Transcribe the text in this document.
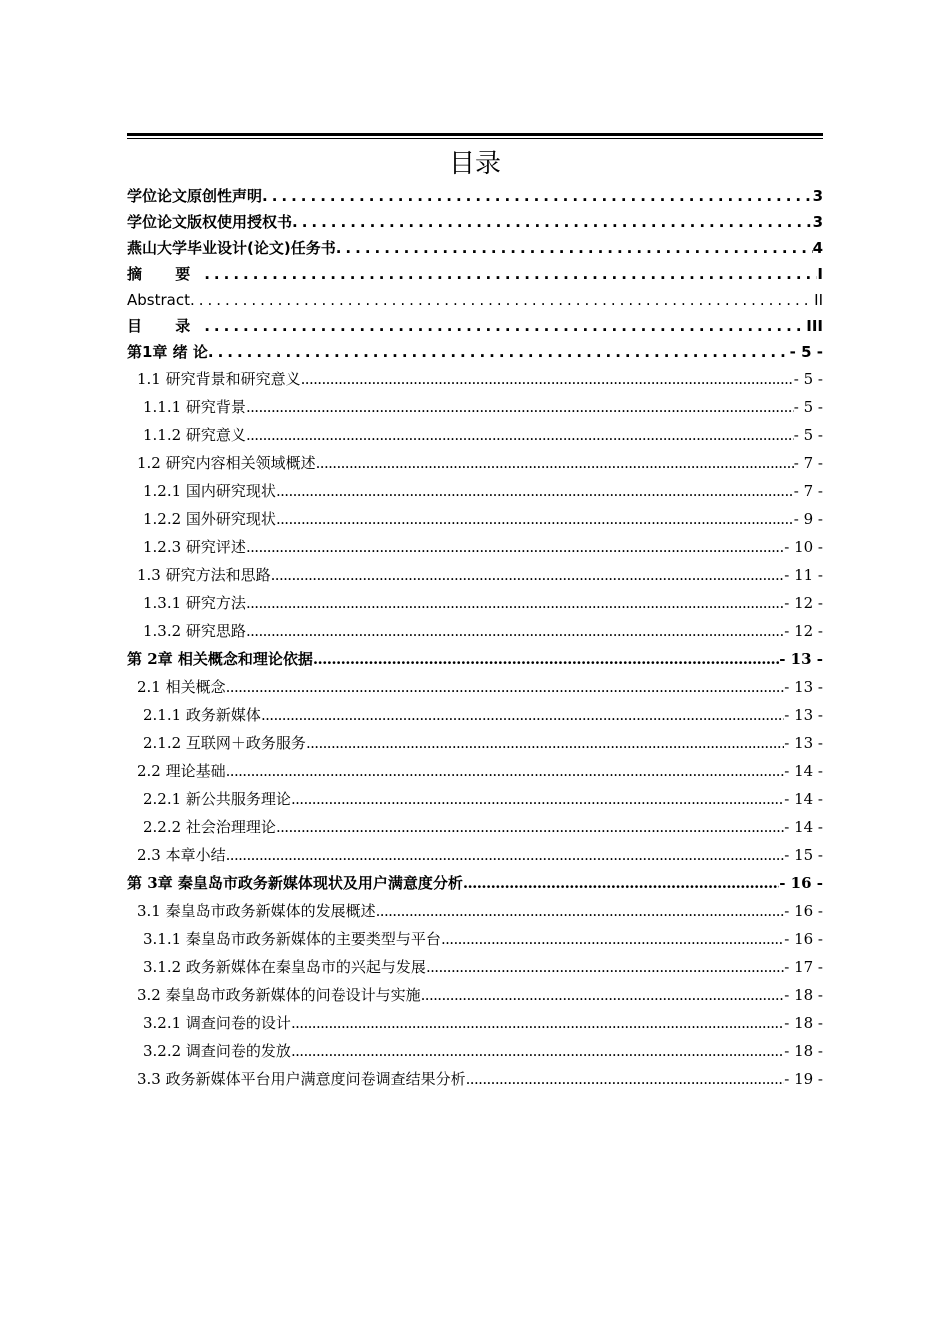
目录
学位论文原创性声明 .....	3
学位论文版权使用授权书 .....	3
燕山大学毕业设计(论文)任务书 .....	4
摘 要 .....	I
Abstract .....	II
目 录 .....	III
第1章 绪 论 .....	- 5 -
1.1 研究背景和研究意义 .....	- 5 -
1.1.1 研究背景 .....	- 5 -
1.1.2 研究意义 .....	- 5 -
1.2 研究内容相关领域概述 .....	- 7 -
1.2.1 国内研究现状 .....	- 7 -
1.2.2 国外研究现状 .....	- 9 -
1.2.3 研究评述 .....	- 10 -
1.3 研究方法和思路 .....	- 11 -
1.3.1 研究方法 .....	- 12 -
1.3.2 研究思路 .....	- 12 -
第 2章 相关概念和理论依据 .....	- 13 -
2.1 相关概念 .....	- 13 -
2.1.1 政务新媒体 .....	- 13 -
2.1.2 互联网＋政务服务 .....	- 13 -
2.2 理论基础 .....	- 14 -
2.2.1 新公共服务理论 .....	- 14 -
2.2.2 社会治理理论 .....	- 14 -
2.3 本章小结 .....	- 15 -
第 3章 秦皇岛市政务新媒体现状及用户满意度分析 .....	- 16 -
3.1 秦皇岛市政务新媒体的发展概述 .....	- 16 -
3.1.1 秦皇岛市政务新媒体的主要类型与平台 .....	- 16 -
3.1.2 政务新媒体在秦皇岛市的兴起与发展 .....	- 17 -
3.2 秦皇岛市政务新媒体的问卷设计与实施 .....	- 18 -
3.2.1 调查问卷的设计 .....	- 18 -
3.2.2 调查问卷的发放 .....	- 18 -
3.3 政务新媒体平台用户满意度问卷调查结果分析 .....	- 19 -
